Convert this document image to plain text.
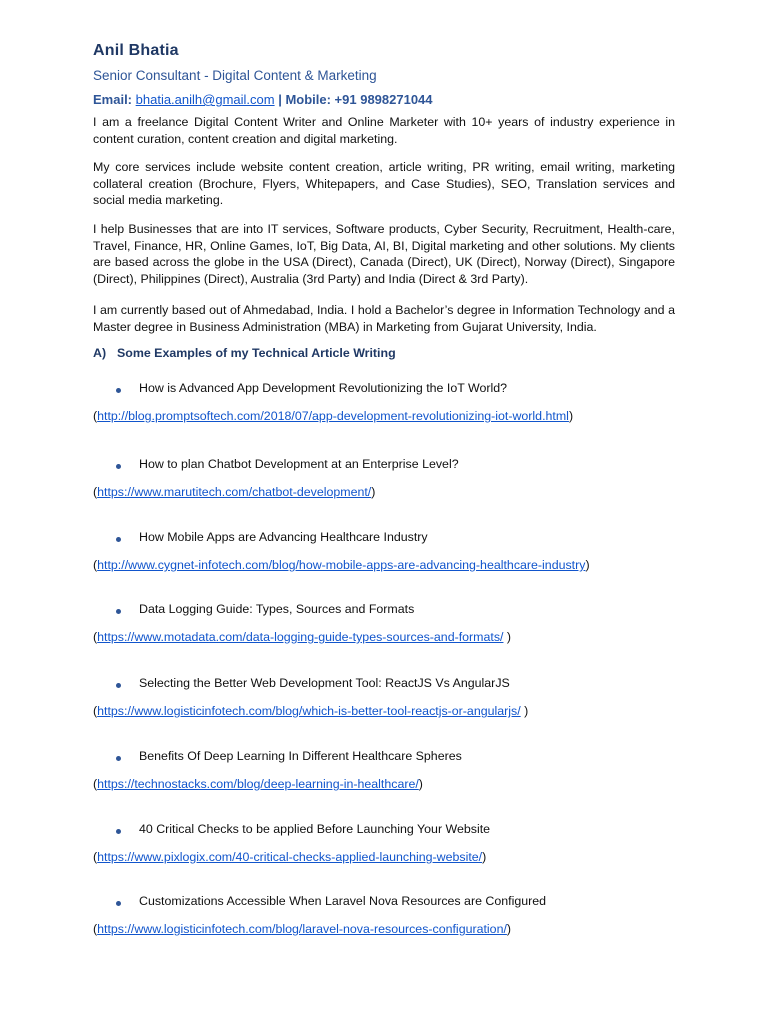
Anil Bhatia
Senior Consultant - Digital Content & Marketing
Email: bhatia.anilh@gmail.com | Mobile: +91 9898271044
I am a freelance Digital Content Writer and Online Marketer with 10+ years of industry experience in content curation, content creation and digital marketing.
My core services include website content creation, article writing, PR writing, email writing, marketing collateral creation (Brochure, Flyers, Whitepapers, and Case Studies), SEO, Translation services and social media marketing.
I help Businesses that are into IT services, Software products, Cyber Security, Recruitment, Health-care, Travel, Finance, HR, Online Games, IoT, Big Data, AI, BI, Digital marketing and other solutions. My clients are based across the globe in the USA (Direct), Canada (Direct), UK (Direct), Norway (Direct), Singapore (Direct), Philippines (Direct), Australia (3rd Party) and India (Direct & 3rd Party).
I am currently based out of Ahmedabad, India. I hold a Bachelor’s degree in Information Technology and a Master degree in Business Administration (MBA) in Marketing from Gujarat University, India.
A) Some Examples of my Technical Article Writing
How is Advanced App Development Revolutionizing the IoT World?
(http://blog.promptsoftech.com/2018/07/app-development-revolutionizing-iot-world.html)
How to plan Chatbot Development at an Enterprise Level?
(https://www.marutitech.com/chatbot-development/)
How Mobile Apps are Advancing Healthcare Industry
(http://www.cygnet-infotech.com/blog/how-mobile-apps-are-advancing-healthcare-industry)
Data Logging Guide: Types, Sources and Formats
(https://www.motadata.com/data-logging-guide-types-sources-and-formats/ )
Selecting the Better Web Development Tool: ReactJS Vs AngularJS
(https://www.logisticinfotech.com/blog/which-is-better-tool-reactjs-or-angularjs/ )
Benefits Of Deep Learning In Different Healthcare Spheres
(https://technostacks.com/blog/deep-learning-in-healthcare/)
40 Critical Checks to be applied Before Launching Your Website
(https://www.pixlogix.com/40-critical-checks-applied-launching-website/)
Customizations Accessible When Laravel Nova Resources are Configured
(https://www.logisticinfotech.com/blog/laravel-nova-resources-configuration/)
